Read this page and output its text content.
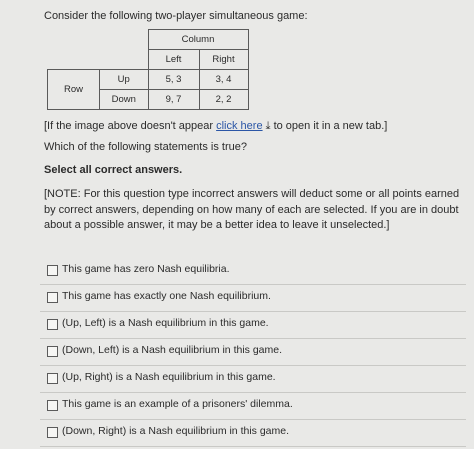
Consider the following two-player simultaneous game:
		Column	
		Left	Right
Row	Up	5, 3	3, 4
	Down	9, 7	2, 2
[If the image above doesn't appear click here ⤓ to open it in a new tab.]
Which of the following statements is true?
Select all correct answers.
[NOTE: For this question type incorrect answers will deduct some or all points earned by correct answers, depending on how many of each are selected. If you are in doubt about a possible answer, it may be a better idea to leave it unselected.]
This game has zero Nash equilibria.
This game has exactly one Nash equilibrium.
(Up, Left) is a Nash equilibrium in this game.
(Down, Left) is a Nash equilibrium in this game.
(Up, Right) is a Nash equilibrium in this game.
This game is an example of a prisoners' dilemma.
(Down, Right) is a Nash equilibrium in this game.
